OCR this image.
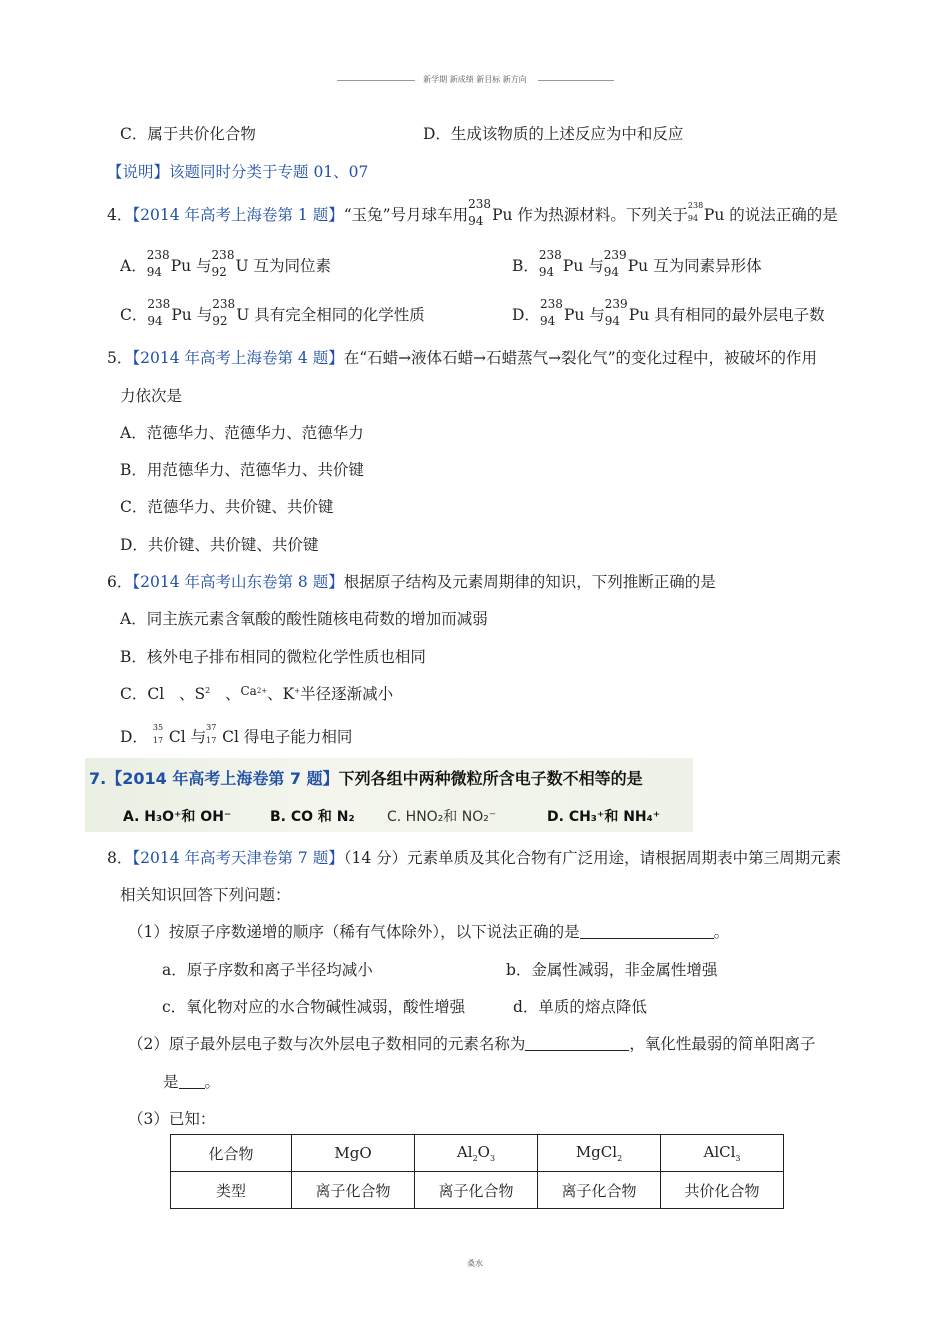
新学期 新成绩 新目标 新方向
C．属于共价化合物	D．生成该物质的上述反应为中和反应
【说明】该题同时分类于专题 01、07
4．【2014 年高考上海卷第 1 题】“玉兔”号月球车用
238
94 Pu 作为热源材料。下列关于
238
94 Pu 的说法正确的是
A．
238
94 Pu 与
238
92 U 互为同位素	B．
238
94 Pu 与
239
94 Pu 互为同素异形体
C．
238
94 Pu 与
238
92 U 具有完全相同的化学性质	D．
238
94 Pu 与
239
94 Pu 具有相同的最外层电子数
5．【2014 年高考上海卷第 4 题】在“石蜡→液体石蜡→石蜡蒸气→裂化气”的变化过程中，被破坏的作用
力依次是
A．范德华力、范德华力、范德华力
B．用范德华力、范德华力、共价键
C．范德华力、共价键、共价键
D．共价键、共价键、共价键
6．【2014 年高考山东卷第 8 题】根据原子结构及元素周期律的知识，下列推断正确的是
A．同主族元素含氧酸的酸性随核电荷数的增加而减弱
B．核外电子排布相同的微粒化学性质也相同
C．Cl 、$S^2$ 、$^{Ca2+}$、K+半径逐渐减小
D．
35
17 Cl 与
37
17 Cl 得电子能力相同
7.【2014 年高考上海卷第 7 题】下列各组中两种微粒所含电子数不相等的是
A. H₃O⁺和 OH⁻	B. CO 和 N₂ C. HNO₂和 NO₂⁻	D. CH₃⁺和 NH₄⁺
8．【2014 年高考天津卷第 7 题】（14 分）元素单质及其化合物有广泛用途，请根据周期表中第三周期元素
相关知识回答下列问题：
（1）按原子序数递增的顺序（稀有气体除外），以下说法正确的是	。
a．原子序数和离子半径均减小	b．金属性减弱，非金属性增强
c．氧化物对应的水合物碱性减弱，酸性增强	d．单质的熔点降低
（2）原子最外层电子数与次外层电子数相同的元素名称为	，氧化性最弱的简单阳离子
是 。
（3）已知：
化合物	MgO	$Al_2O_3$	MgCl$_2$	AlCl$_3$
类型	离子化合物	离子化合物	离子化合物	共价化合物
桑水
